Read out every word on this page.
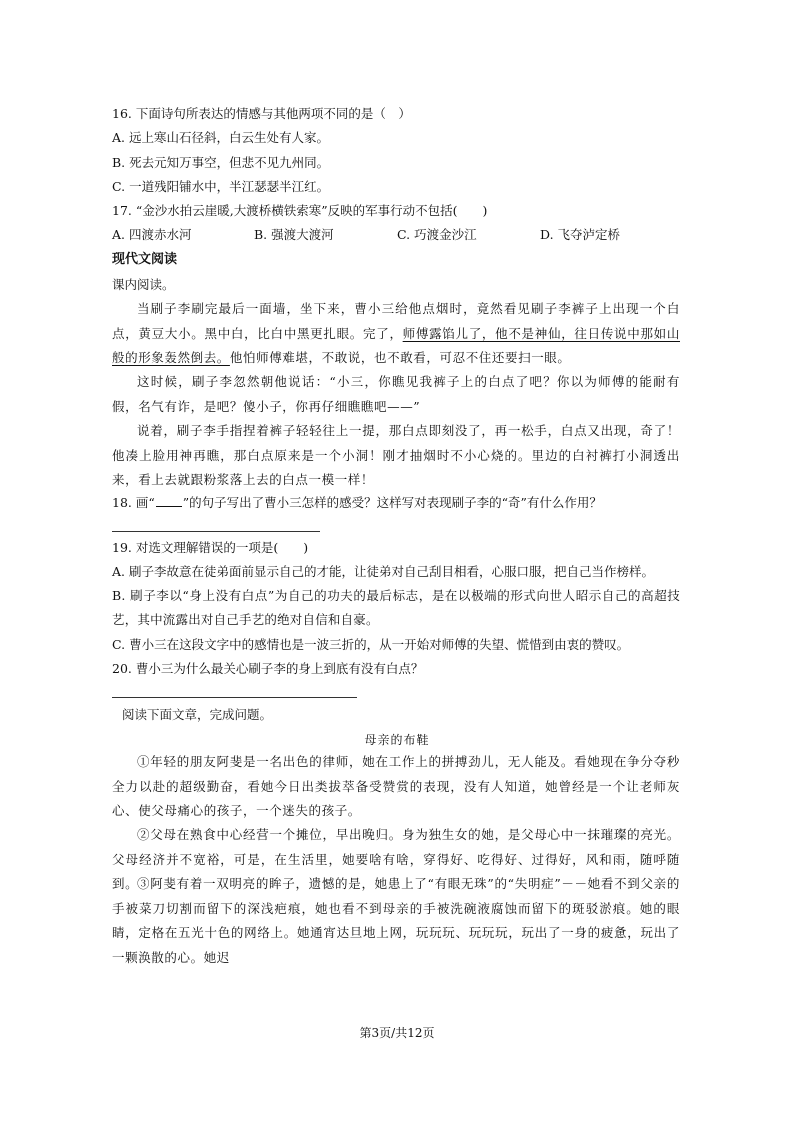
16. 下面诗句所表达的情感与其他两项不同的是（　）
A. 远上寒山石径斜，白云生处有人家。
B. 死去元知万事空，但悲不见九州同。
C. 一道残阳铺水中，半江瑟瑟半江红。
17. “金沙水拍云崖暖,大渡桥横铁索寒”反映的军事行动不包括(　　)
A. 四渡赤水河	B. 强渡大渡河	C. 巧渡金沙江	D. 飞夺泸定桥
现代文阅读
课内阅读。
当刷子李刷完最后一面墙，坐下来，曹小三给他点烟时，竟然看见刷子李裤子上出现一个白点，黄豆大小。黑中白，比白中黑更扎眼。完了，师傅露馅儿了，他不是神仙，往日传说中那如山般的形象轰然倒去。他怕师傅难堪，不敢说，也不敢看，可忍不住还要扫一眼。
这时候，刷子李忽然朝他说话：“小三，你瞧见我裤子上的白点了吧？你以为师傅的能耐有假，名气有诈，是吧？傻小子，你再仔细瞧瞧吧——”
说着，刷子李手指捏着裤子轻轻往上一提，那白点即刻没了，再一松手，白点又出现，奇了！他凑上脸用神再瞧，那白点原来是一个小洞！刚才抽烟时不小心烧的。里边的白衬裤打小洞透出来，看上去就跟粉浆落上去的白点一模一样！
18. 画“ ”的句子写出了曹小三怎样的感受？这样写对表现刷子李的“奇”有什么作用？
19. 对选文理解错误的一项是(　　)
A. 刷子李故意在徒弟面前显示自己的才能，让徒弟对自己刮目相看，心服口服，把自己当作榜样。
B. 刷子李以“身上没有白点”为自己的功夫的最后标志，是在以极端的形式向世人昭示自己的高超技艺，其中流露出对自己手艺的绝对自信和自豪。
C. 曹小三在这段文字中的感情也是一波三折的，从一开始对师傅的失望、慌惜到由衷的赞叹。
20. 曹小三为什么最关心刷子李的身上到底有没有白点？
阅读下面文章，完成问题。
母亲的布鞋
①年轻的朋友阿斐是一名出色的律师，她在工作上的拼搏劲儿，无人能及。看她现在争分夺秒全力以赴的超级勤奋，看她今日出类拔萃备受赞赏的表现，没有人知道，她曾经是一个让老师灰心、使父母痛心的孩子，一个迷失的孩子。
②父母在熟食中心经营一个摊位，早出晚归。身为独生女的她，是父母心中一抹璀璨的亮光。父母经济并不宽裕，可是，在生活里，她要啥有啥，穿得好、吃得好、过得好，风和雨，随呼随到。
③阿斐有着一双明亮的眸子，遗憾的是，她患上了“有眼无珠”的“失明症”－－她看不到父亲的手被菜刀切割而留下的深浅疤痕，她也看不到母亲的手被洗碗液腐蚀而留下的斑驳淤痕。她的眼睛，定格在五光十色的网络上。她通宵达旦地上网，玩玩玩、玩玩玩，玩出了一身的疲惫，玩出了一颗涣散的心。她迟
第3页/共12页
